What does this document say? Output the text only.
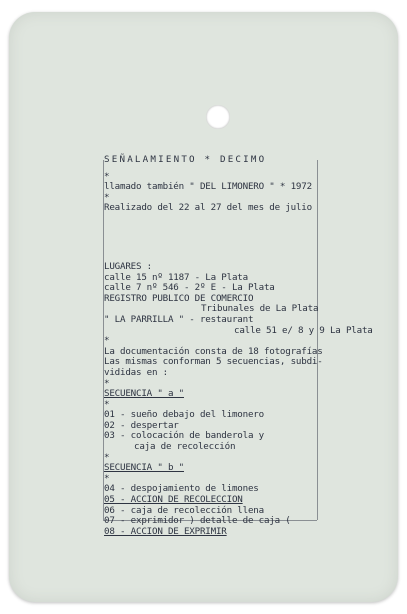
SEÑALAMIENTO * DECIMO
*
llamado también " DEL LIMONERO " * 1972
*
Realizado del 22 al 27 del mes de julio
LUGARES :
calle 15 nº 1187 - La Plata
calle 7 nº 546 - 2º E - La Plata
REGISTRO PUBLICO DE COMERCIO
Tribunales de La Plata
" LA PARRILLA " - restaurant
calle 51 e/ 8 y 9 La Plata
*
La documentación consta de 18 fotografías
Las mismas conforman 5 secuencias, subdi-
vididas en :
*
SECUENCIA " a "
*
01 - sueño debajo del limonero
02 - despertar
03 - colocación de banderola y
caja de recolección
*
SECUENCIA " b "
*
04 - despojamiento de limones
05 - ACCION DE RECOLECCION
06 - caja de recolección llena
07 - exprimidor ) detalle de caja (
08 - ACCION DE EXPRIMIR
